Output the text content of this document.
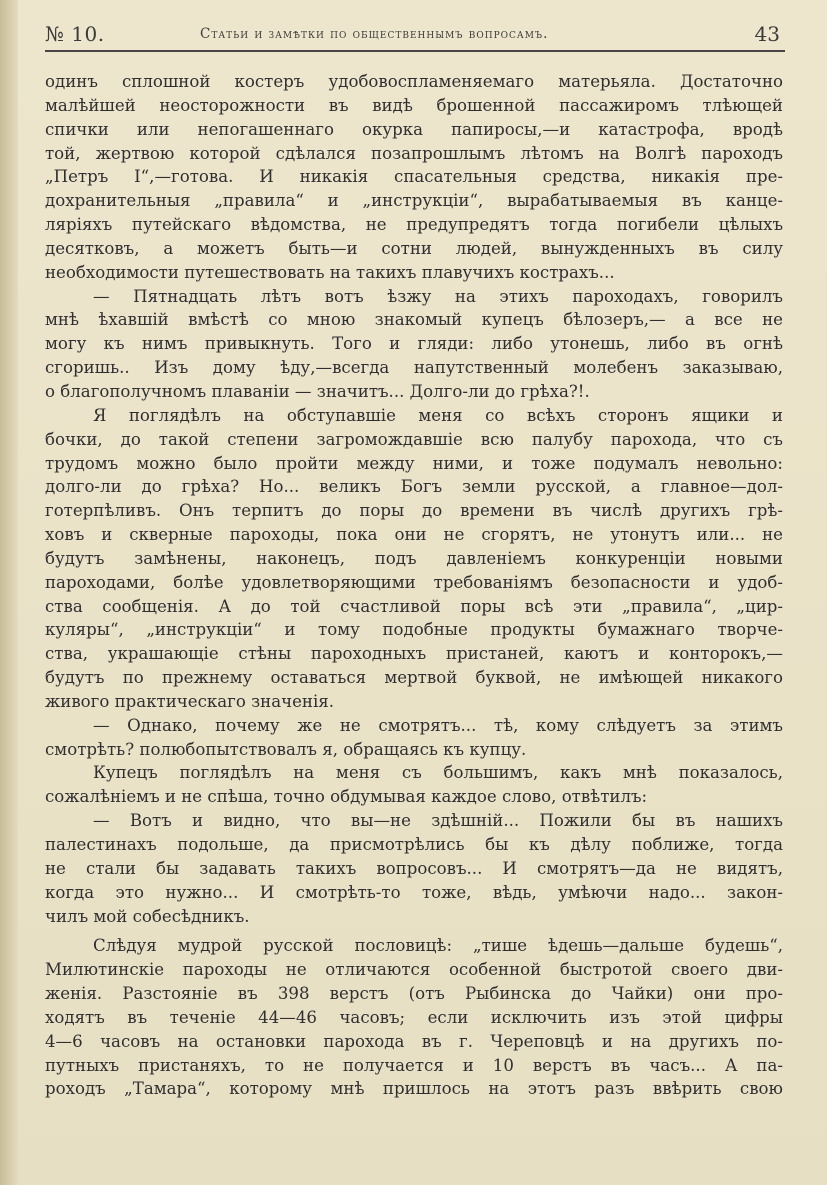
№ 10.	Статьи и замѣтки по общественнымъ вопросамъ.	43
одинъ сплошной костеръ удобовоспламеняемаго матерьяла. Достаточно
малѣйшей неосторожности въ видѣ брошенной пассажиромъ тлѣющей
спички или непогашеннаго окурка папиросы,—и катастрофа, вродѣ
той, жертвою которой сдѣлался позапрошлымъ лѣтомъ на Волгѣ пароходъ
„Петръ I“,—готова. И никакія спасательныя средства, никакія пре-
дохранительныя „правила“ и „инструкціи“, вырабатываемыя въ канце-
ляріяхъ путейскаго вѣдомства, не предупредятъ тогда погибели цѣлыхъ
десятковъ, а можетъ быть—и сотни людей, вынужденныхъ въ силу
необходимости путешествовать на такихъ плавучихъ кострахъ...
— Пятнадцать лѣтъ вотъ ѣзжу на этихъ пароходахъ, говорилъ
мнѣ ѣхавшій вмѣстѣ со мною знакомый купецъ бѣлозеръ,— а все не
могу къ нимъ привыкнуть. Того и гляди: либо утонешь, либо въ огнѣ
сгоришь.. Изъ дому ѣду,—всегда напутственный молебенъ заказываю,
о благополучномъ плаваніи — значитъ... Долго-ли до грѣха?!.
Я поглядѣлъ на обступавшіе меня со всѣхъ сторонъ ящики и
бочки, до такой степени загромождавшіе всю палубу парохода, что съ
трудомъ можно было пройти между ними, и тоже подумалъ невольно:
долго-ли до грѣха? Но... великъ Богъ земли русской, а главное—дол-
готерпѣливъ. Онъ терпитъ до поры до времени въ числѣ другихъ грѣ-
ховъ и скверные пароходы, пока они не сгорятъ, не утонутъ или... не
будутъ замѣнены, наконецъ, подъ давленіемъ конкуренціи новыми
пароходами, болѣе удовлетворяющими требованіямъ безопасности и удоб-
ства сообщенія. А до той счастливой поры всѣ эти „правила“, „цир-
куляры“, „инструкціи“ и тому подобные продукты бумажнаго творче-
ства, украшающіе стѣны пароходныхъ пристаней, каютъ и конторокъ,—
будутъ по прежнему оставаться мертвой буквой, не имѣющей никакого
живого практическаго значенія.
— Однако, почему же не смотрятъ... тѣ, кому слѣдуетъ за этимъ
смотрѣть? полюбопытствовалъ я, обращаясь къ купцу.
Купецъ поглядѣлъ на меня съ большимъ, какъ мнѣ показалось,
сожалѣніемъ и не спѣша, точно обдумывая каждое слово, отвѣтилъ:
— Вотъ и видно, что вы—не здѣшній... Пожили бы въ нашихъ
палестинахъ подольше, да присмотрѣлись бы къ дѣлу поближе, тогда
не стали бы задавать такихъ вопросовъ... И смотрятъ—да не видятъ,
когда это нужно... И смотрѣть-то тоже, вѣдь, умѣючи надо... закон-
чилъ мой собесѣдникъ.
Слѣдуя мудрой русской пословицѣ: „тише ѣдешь—дальше будешь“,
Милютинскіе пароходы не отличаются особенной быстротой своего дви-
женія. Разстояніе въ 398 верстъ (отъ Рыбинска до Чайки) они про-
ходятъ въ теченіе 44—46 часовъ; если исключить изъ этой цифры
4—6 часовъ на остановки парохода въ г. Череповцѣ и на другихъ по-
путныхъ пристаняхъ, то не получается и 10 верстъ въ часъ... А па-
роходъ „Тамара“, которому мнѣ пришлось на этотъ разъ ввѣрить свою
